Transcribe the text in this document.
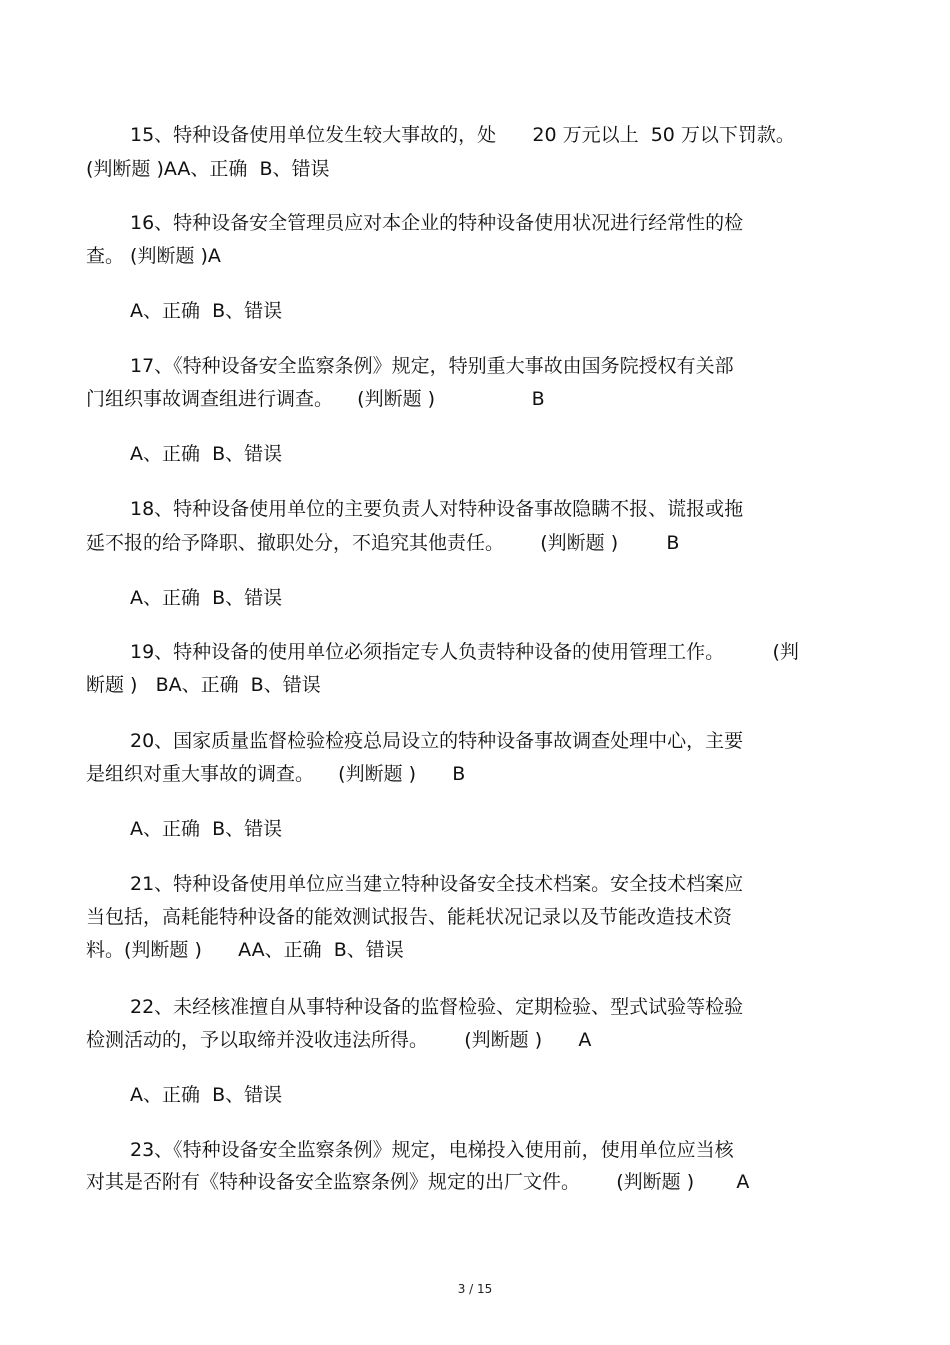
15、特种设备使用单位发生较大事故的，处      20 万元以上  50 万以下罚款。
(判断题 )AA、正确  B、错误
16、特种设备安全管理员应对本企业的特种设备使用状况进行经常性的检
查。 (判断题 )A
A、正确  B、错误
17、《特种设备安全监察条例》规定，特别重大事故由国务院授权有关部
门组织事故调查组进行调查。    (判断题 )                B
A、正确  B、错误
18、特种设备使用单位的主要负责人对特种设备事故隐瞒不报、谎报或拖
延不报的给予降职、撤职处分，不追究其他责任。      (判断题 )        B
A、正确  B、错误
19、特种设备的使用单位必须指定专人负责特种设备的使用管理工作。        (判
断题 )   BA、正确  B、错误
20、国家质量监督检验检疫总局设立的特种设备事故调查处理中心，主要
是组织对重大事故的调查。    (判断题 )      B
A、正确  B、错误
21、特种设备使用单位应当建立特种设备安全技术档案。安全技术档案应
当包括，高耗能特种设备的能效测试报告、能耗状况记录以及节能改造技术资
料。(判断题 )      AA、正确  B、错误
22、未经核准擅自从事特种设备的监督检验、定期检验、型式试验等检验
检测活动的，予以取缔并没收违法所得。      (判断题 )      A
A、正确  B、错误
23、《特种设备安全监察条例》规定，电梯投入使用前，使用单位应当核
对其是否附有《特种设备安全监察条例》规定的出厂文件。      (判断题 )       A
3 / 15
